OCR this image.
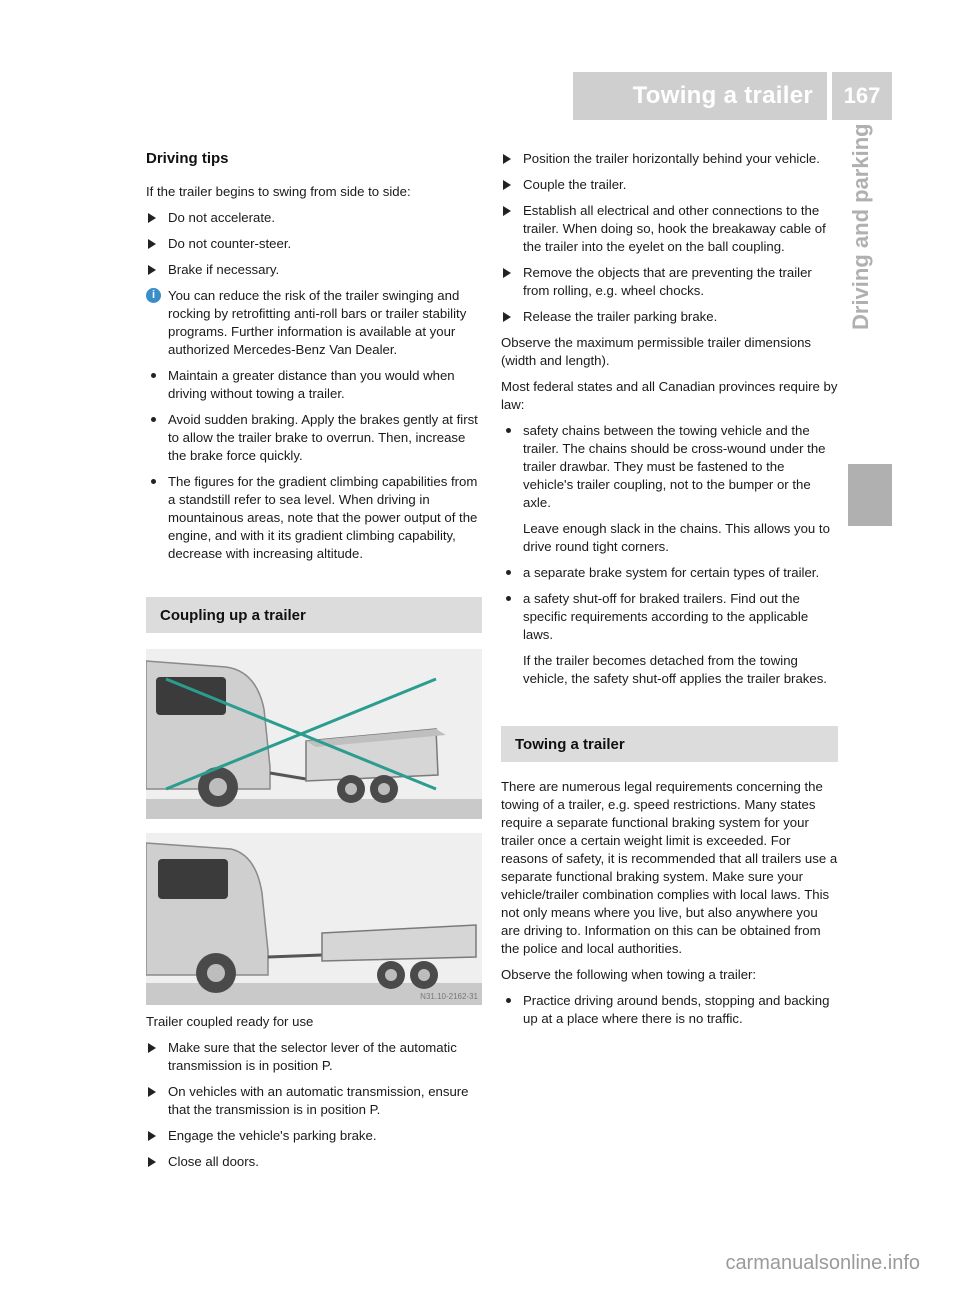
Towing a trailer 167
Driving and parking
Driving tips
If the trailer begins to swing from side to side:
Do not accelerate.
Do not counter-steer.
Brake if necessary.
i You can reduce the risk of the trailer swinging and rocking by retrofitting anti-roll bars or trailer stability programs. Further information is available at your authorized Mercedes-Benz Van Dealer.
Maintain a greater distance than you would when driving without towing a trailer.
Avoid sudden braking. Apply the brakes gently at first to allow the trailer brake to overrun. Then, increase the brake force quickly.
The figures for the gradient climbing capabilities from a standstill refer to sea level. When driving in mountainous areas, note that the power output of the engine, and with it its gradient climbing capability, decrease with increasing altitude.
Coupling up a trailer
N31.10-2162-31
Trailer coupled ready for use
Make sure that the selector lever of the automatic transmission is in position P.
On vehicles with an automatic transmission, ensure that the transmission is in position P.
Engage the vehicle's parking brake.
Close all doors.
Position the trailer horizontally behind your vehicle.
Couple the trailer.
Establish all electrical and other connections to the trailer. When doing so, hook the breakaway cable of the trailer into the eyelet on the ball coupling.
Remove the objects that are preventing the trailer from rolling, e.g. wheel chocks.
Release the trailer parking brake.
Observe the maximum permissible trailer dimensions (width and length).
Most federal states and all Canadian provinces require by law:
safety chains between the towing vehicle and the trailer. The chains should be cross-wound under the trailer drawbar. They must be fastened to the vehicle's trailer coupling, not to the bumper or the axle.
Leave enough slack in the chains. This allows you to drive round tight corners.
a separate brake system for certain types of trailer.
a safety shut-off for braked trailers. Find out the specific requirements according to the applicable laws.
If the trailer becomes detached from the towing vehicle, the safety shut-off applies the trailer brakes.
Towing a trailer
There are numerous legal requirements concerning the towing of a trailer, e.g. speed restrictions. Many states require a separate functional braking system for your trailer once a certain weight limit is exceeded. For reasons of safety, it is recommended that all trailers use a separate functional braking system. Make sure your vehicle/trailer combination complies with local laws. This not only means where you live, but also anywhere you are driving to. Information on this can be obtained from the police and local authorities.
Observe the following when towing a trailer:
Practice driving around bends, stopping and backing up at a place where there is no traffic.
carmanualsonline.info
